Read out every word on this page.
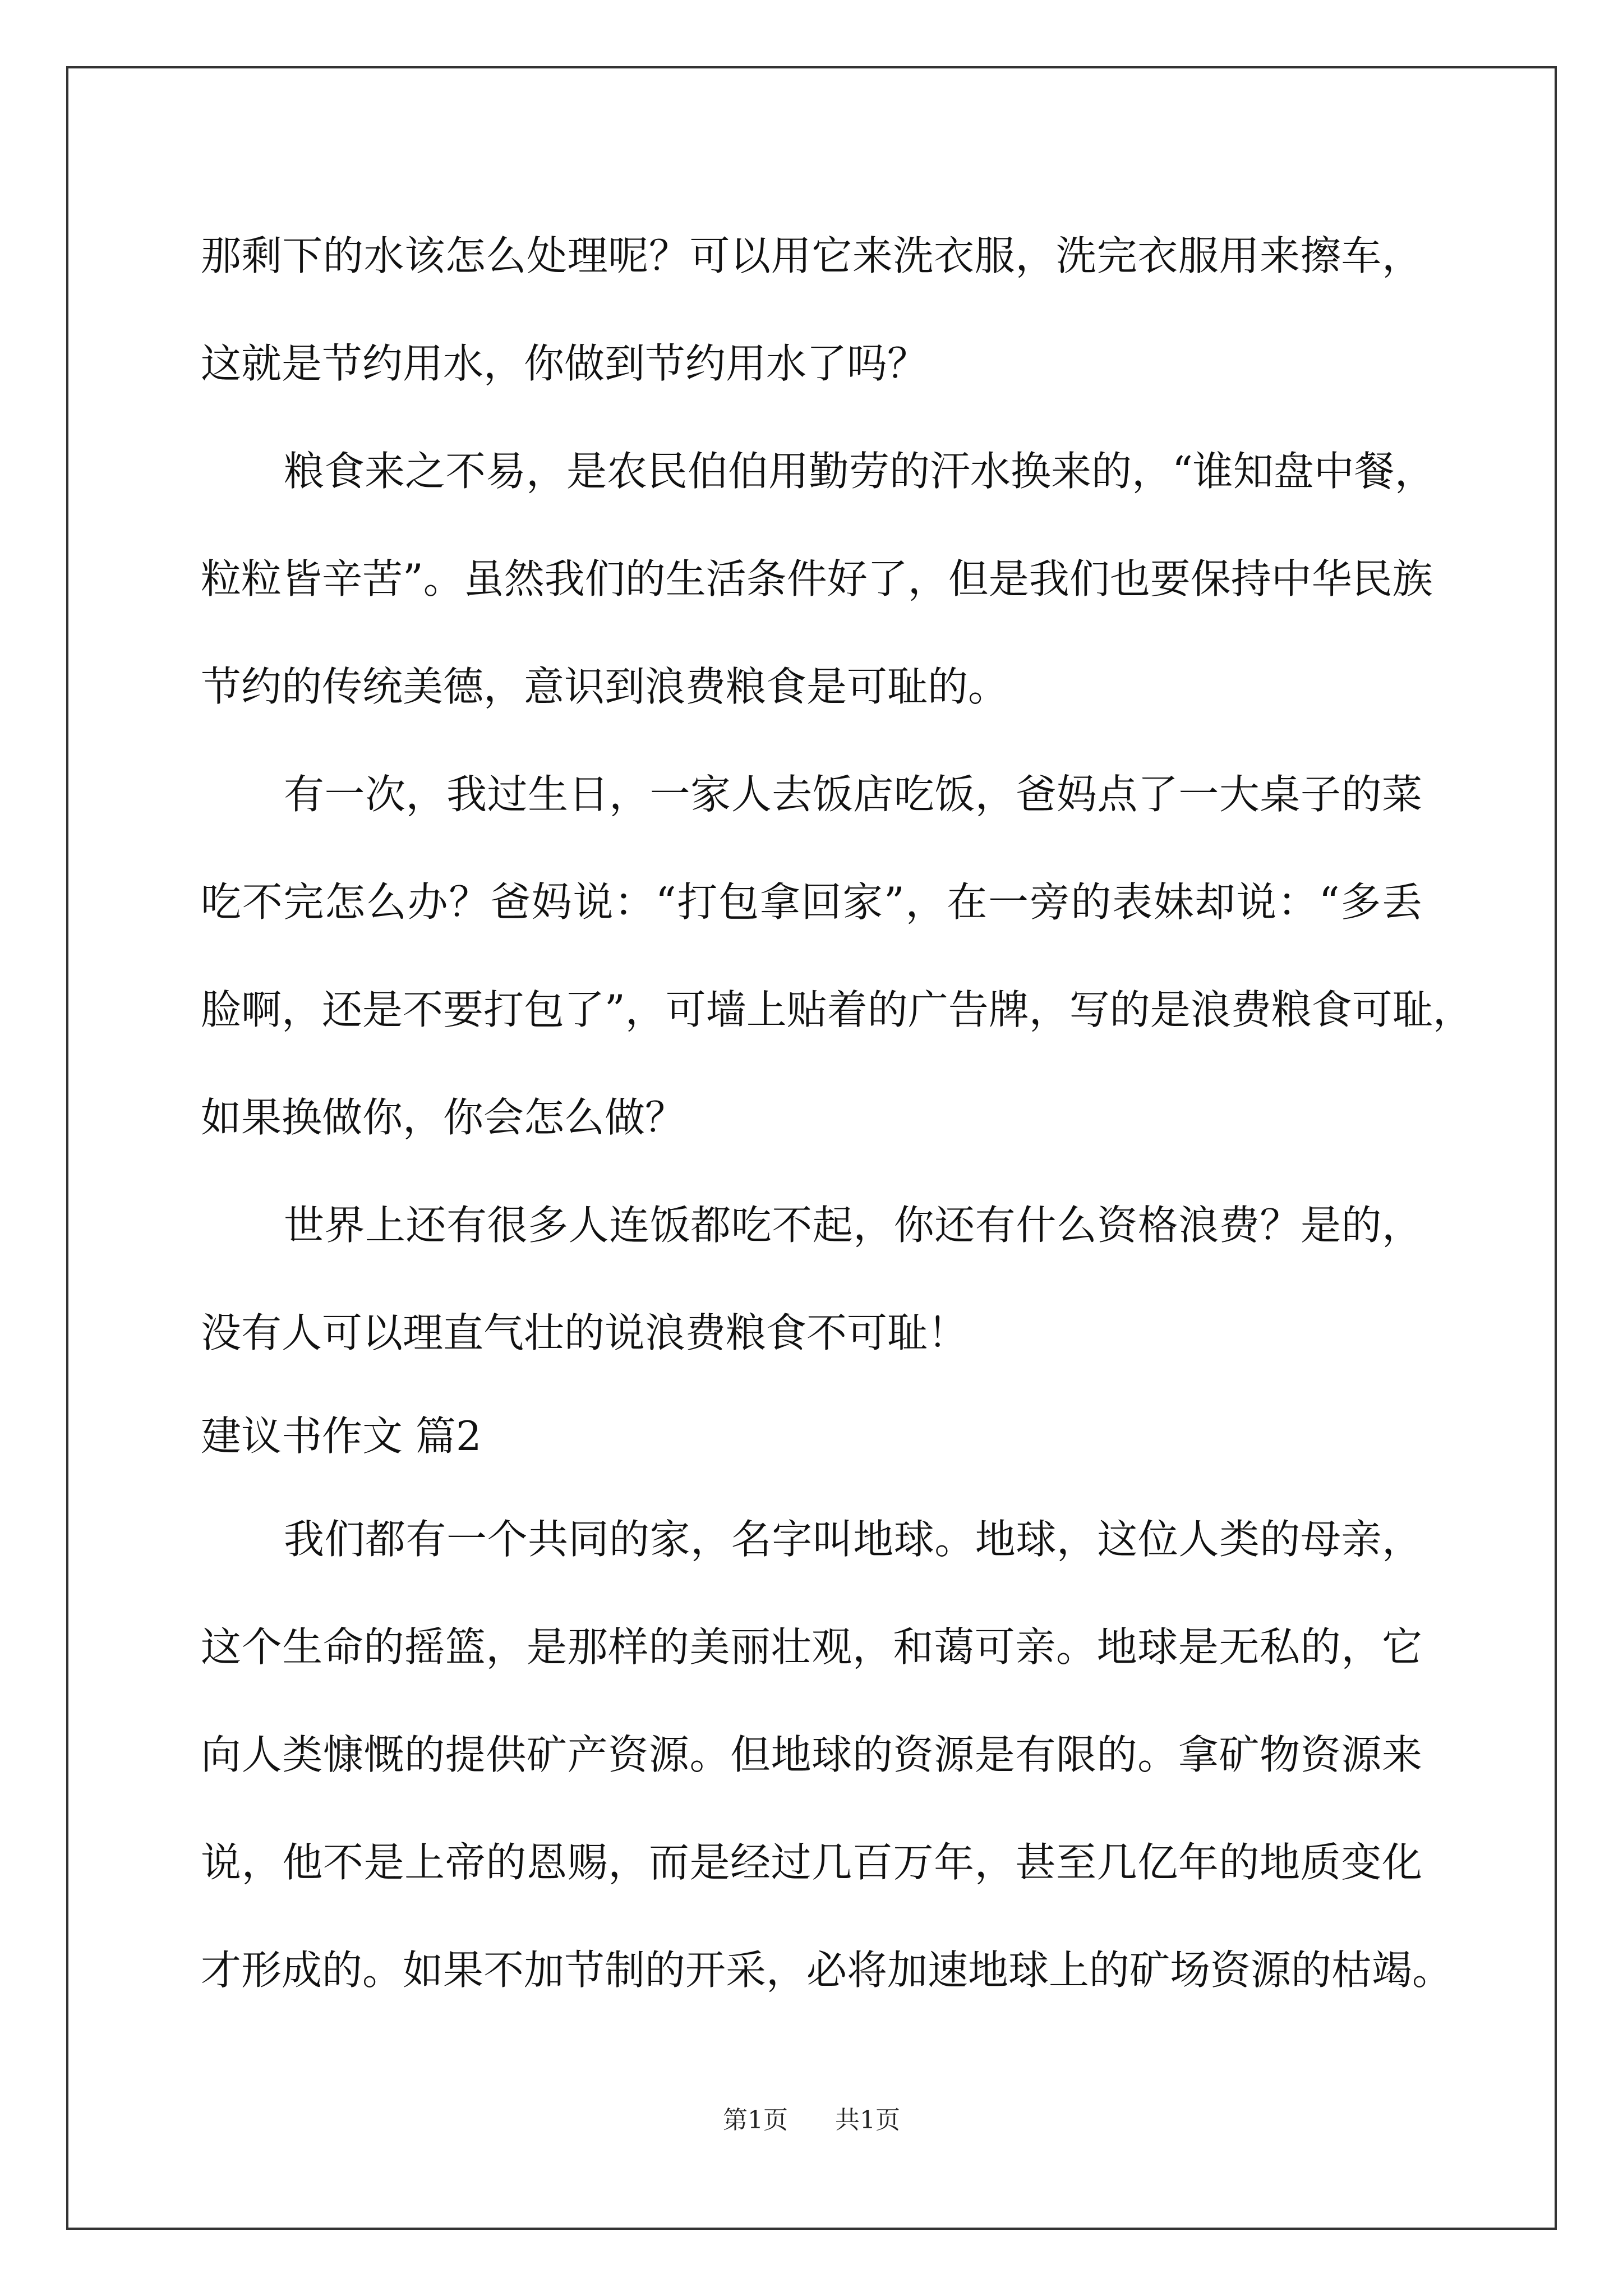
那剩下的水该怎么处理呢？可以用它来洗衣服，洗完衣服用来擦车，
这就是节约用水，你做到节约用水了吗？
粮食来之不易，是农民伯伯用勤劳的汗水换来的，“谁知盘中餐，
粒粒皆辛苦”。虽然我们的生活条件好了，但是我们也要保持中华民族
节约的传统美德，意识到浪费粮食是可耻的。
有一次，我过生日，一家人去饭店吃饭，爸妈点了一大桌子的菜
吃不完怎么办？爸妈说：“打包拿回家”，在一旁的表妹却说：“多丢
脸啊，还是不要打包了”，可墙上贴着的广告牌，写的是浪费粮食可耻，
如果换做你，你会怎么做？
世界上还有很多人连饭都吃不起，你还有什么资格浪费？是的，
没有人可以理直气壮的说浪费粮食不可耻！
建议书作文 篇2
我们都有一个共同的家，名字叫地球。地球，这位人类的母亲，
这个生命的摇篮，是那样的美丽壮观，和蔼可亲。地球是无私的，它
向人类慷慨的提供矿产资源。但地球的资源是有限的。拿矿物资源来
说，他不是上帝的恩赐，而是经过几百万年，甚至几亿年的地质变化
才形成的。如果不加节制的开采，必将加速地球上的矿场资源的枯竭。
第1页 共1页
